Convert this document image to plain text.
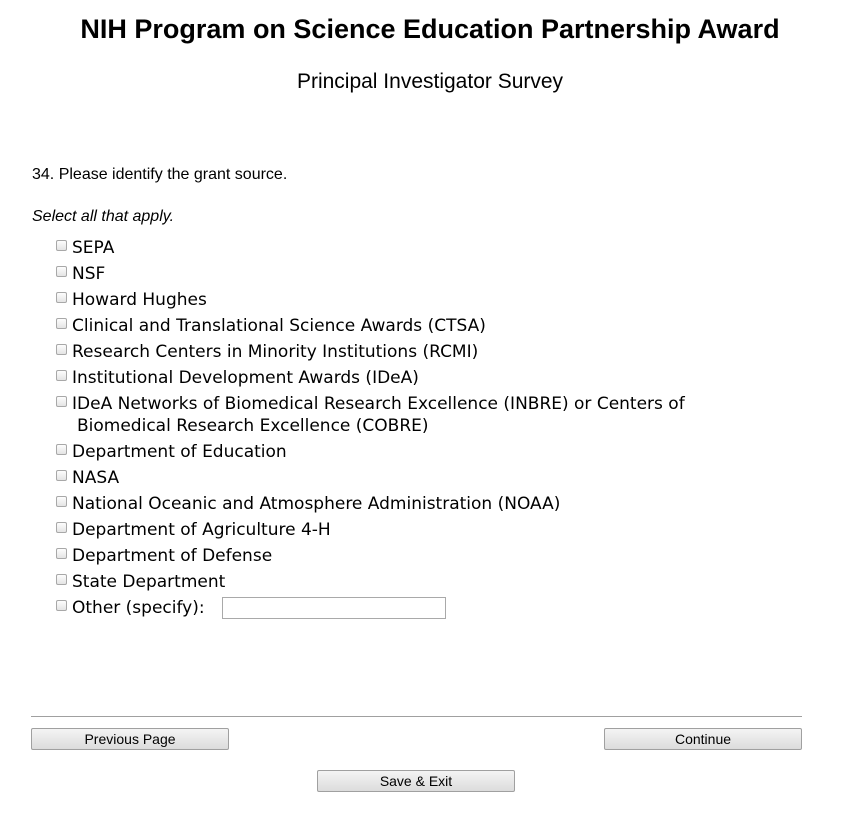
NIH Program on Science Education Partnership Award
Principal Investigator Survey
34. Please identify the grant source.
Select all that apply.
SEPA
NSF
Howard Hughes
Clinical and Translational Science Awards (CTSA)
Research Centers in Minority Institutions (RCMI)
Institutional Development Awards (IDeA)
IDeA Networks of Biomedical Research Excellence (INBRE) or Centers of
Biomedical Research Excellence (COBRE)
Department of Education
NASA
National Oceanic and Atmosphere Administration (NOAA)
Department of Agriculture 4-H
Department of Defense
State Department
Other (specify):
Previous Page	Continue
Save & Exit
